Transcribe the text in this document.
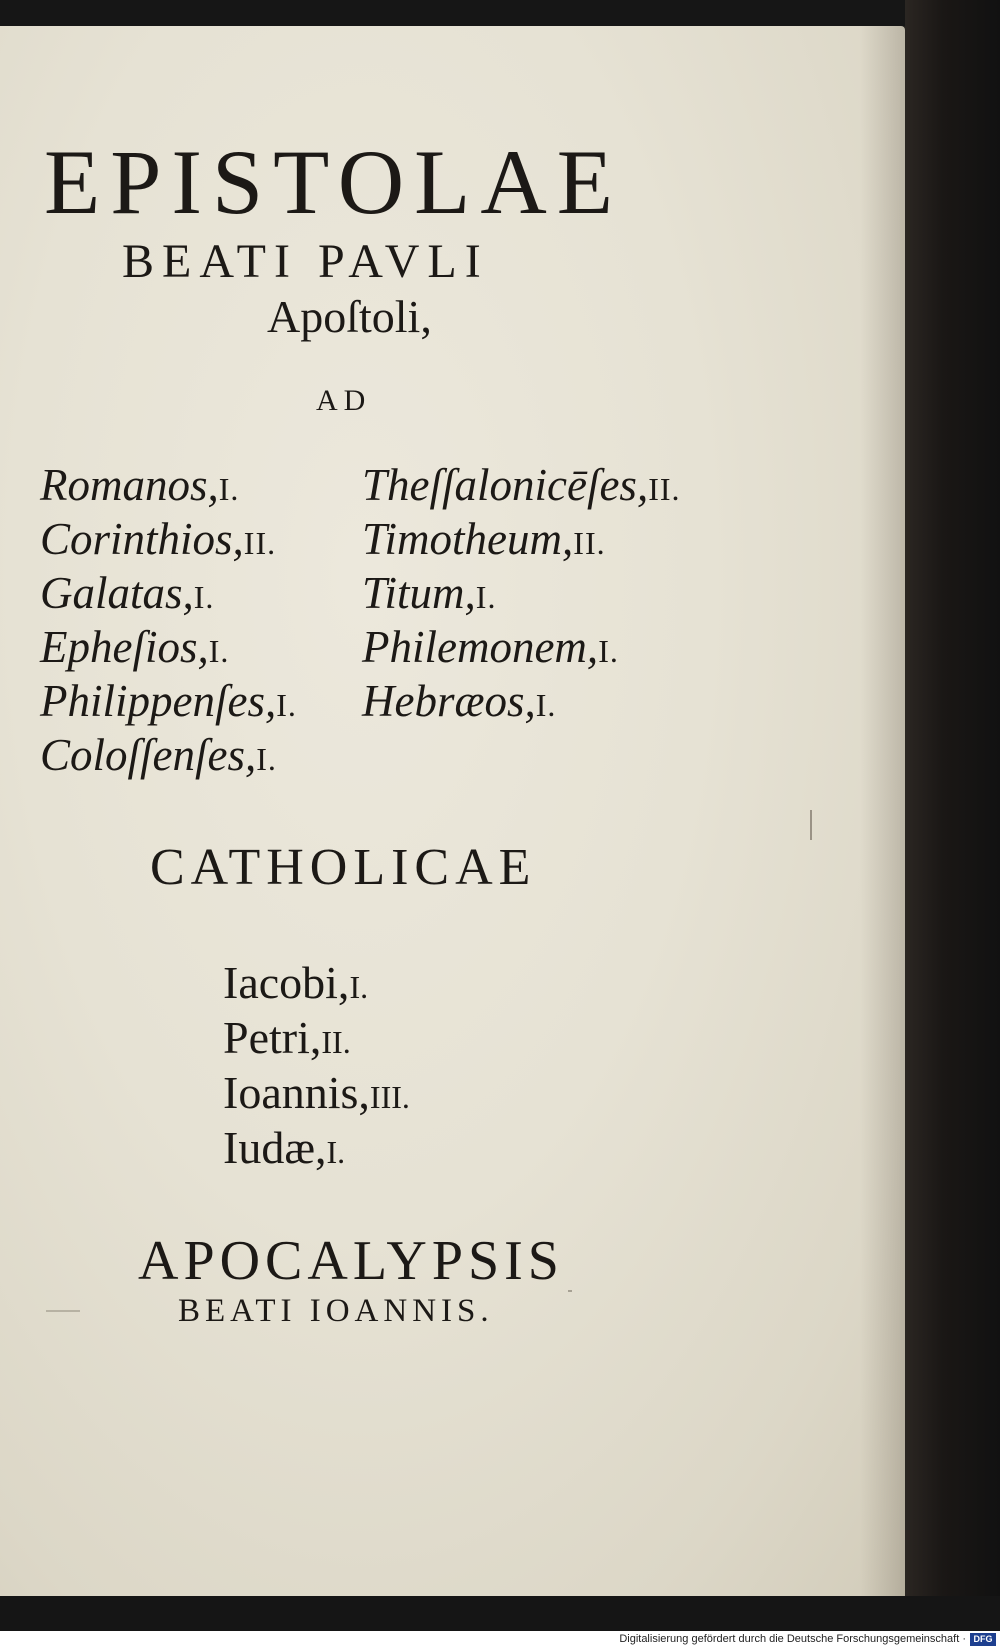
EPISTOLAE
BEATI PAVLI
Apoſtoli,
AD
Romanos,I.
Corinthios,II.
Galatas,I.
Epheſios,I.
Philippenſes,I.
Coloſſenſes,I.
Theſſalonicēſes,II.
Timotheum,II.
Titum,I.
Philemonem,I.
Hebræos,I.
CATHOLICAE
Iacobi,I.
Petri,II.
Ioannis,III.
Iudæ,I.
APOCALYPSIS
BEATI IOANNIS.
Digitalisierung gefördert durch die Deutsche Forschungsgemeinschaft · DFG
